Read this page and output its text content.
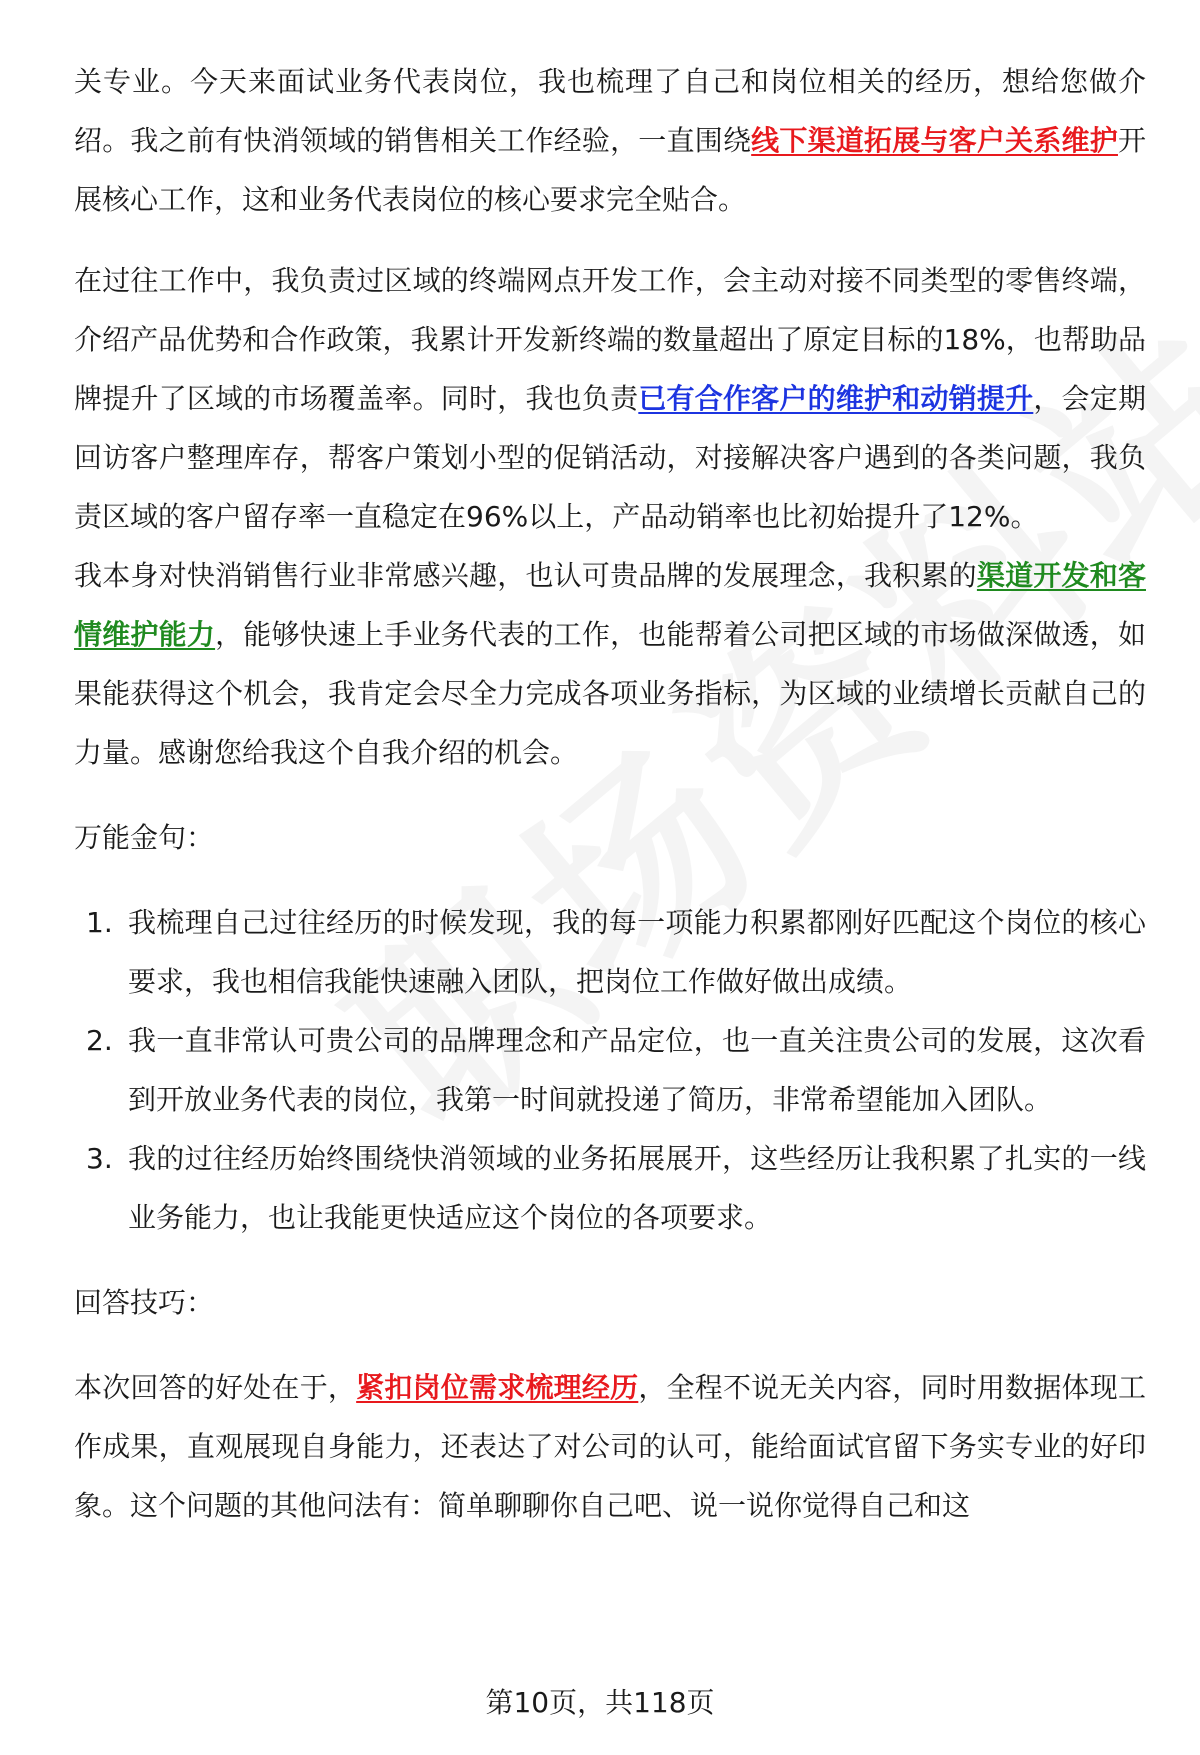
关专业。今天来面试业务代表岗位，我也梳理了自己和岗位相关的经历，想给您做介绍。我之前有快消领域的销售相关工作经验，一直围绕线下渠道拓展与客户关系维护开展核心工作，这和业务代表岗位的核心要求完全贴合。

在过往工作中，我负责过区域的终端网点开发工作，会主动对接不同类型的零售终端，介绍产品优势和合作政策，我累计开发新终端的数量超出了原定目标的18%，也帮助品牌提升了区域的市场覆盖率。同时，我也负责已有合作客户的维护和动销提升，会定期回访客户整理库存，帮客户策划小型的促销活动，对接解决客户遇到的各类问题，我负责区域的客户留存率一直稳定在96%以上，产品动销率也比初始提升了12%。

我本身对快消销售行业非常感兴趣，也认可贵品牌的发展理念，我积累的渠道开发和客情维护能力，能够快速上手业务代表的工作，也能帮着公司把区域的市场做深做透，如果能获得这个机会，我肯定会尽全力完成各项业务指标，为区域的业绩增长贡献自己的力量。感谢您给我这个自我介绍的机会。

万能金句：

1. 我梳理自己过往经历的时候发现，我的每一项能力积累都刚好匹配这个岗位的核心要求，我也相信我能快速融入团队，把岗位工作做好做出成绩。
2. 我一直非常认可贵公司的品牌理念和产品定位，也一直关注贵公司的发展，这次看到开放业务代表的岗位，我第一时间就投递了简历，非常希望能加入团队。
3. 我的过往经历始终围绕快消领域的业务拓展展开，这些经历让我积累了扎实的一线业务能力，也让我能更快适应这个岗位的各项要求。

回答技巧：

本次回答的好处在于，紧扣岗位需求梳理经历，全程不说无关内容，同时用数据体现工作成果，直观展现自身能力，还表达了对公司的认可，能给面试官留下务实专业的好印象。这个问题的其他问法有：简单聊聊你自己吧、说一说你觉得自己和这

第10页，共118页
